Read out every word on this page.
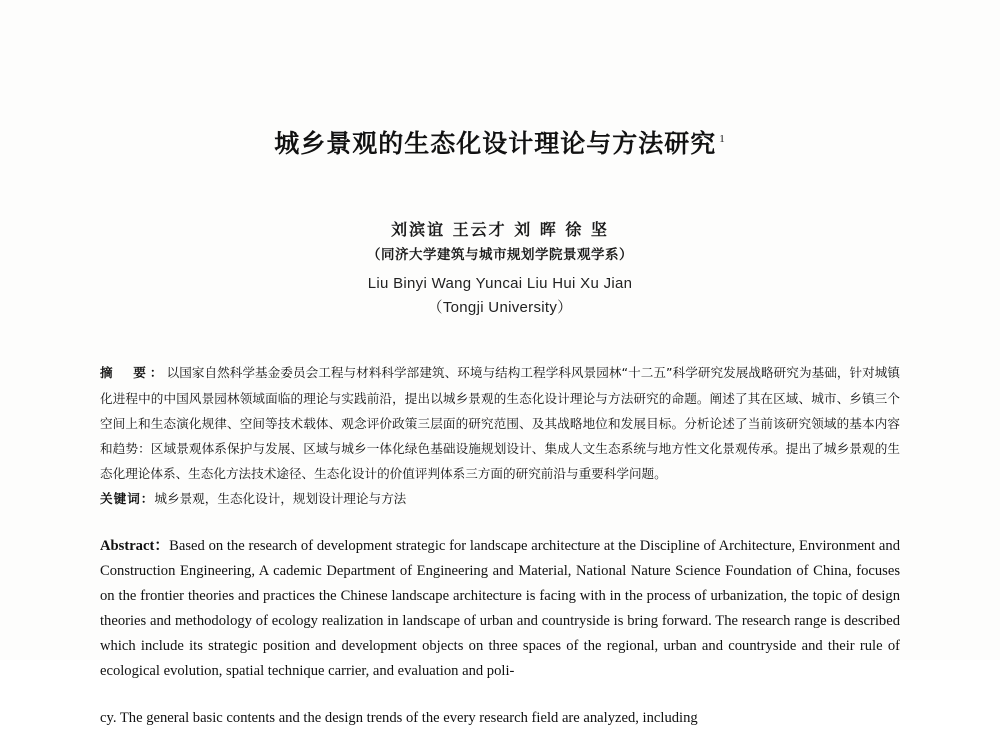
城乡景观的生态化设计理论与方法研究 $^1$
刘滨谊 王云才 刘 晖 徐 坚
（同济大学建筑与城市规划学院景观学系）
Liu Binyi Wang Yuncai Liu Hui Xu Jian
（Tongji University）
摘　要：以国家自然科学基金委员会工程与材料科学部建筑、环境与结构工程学科风景园林“十二五”科学研究发展战略研究为基础，针对城镇化进程中的中国风景园林领域面临的理论与实践前沿，提出以城乡景观的生态化设计理论与方法研究的命题。阐述了其在区域、城市、乡镇三个空间上和生态演化规律、空间等技术载体、观念评价政策三层面的研究范围、及其战略地位和发展目标。分析论述了当前该研究领域的基本内容和趋势：区域景观体系保护与发展、区域与城乡一体化绿色基础设施规划设计、集成人文生态系统与地方性文化景观传承。提出了城乡景观的生态化理论体系、生态化方法技术途径、生态化设计的价值评判体系三方面的研究前沿与重要科学问题。
关键词：城乡景观，生态化设计，规划设计理论与方法
Abstract：Based on the research of development strategic for landscape architecture at the Discipline of Architecture, Environment and Construction Engineering, A cademic Department of Engineering and Material, National Nature Science Foundation of China, focuses on the frontier theories and practices the Chinese landscape architecture is facing with in the process of urbanization, the topic of design theories and methodology of ecology realization in landscape of urban and countryside is bring forward. The research range is described which include its strategic position and development objects on three spaces of the regional, urban and countryside and their rule of ecological evolution, spatial technique carrier, and evaluation and poli-
cy. The general basic contents and the design trends of the every research field are analyzed, including
